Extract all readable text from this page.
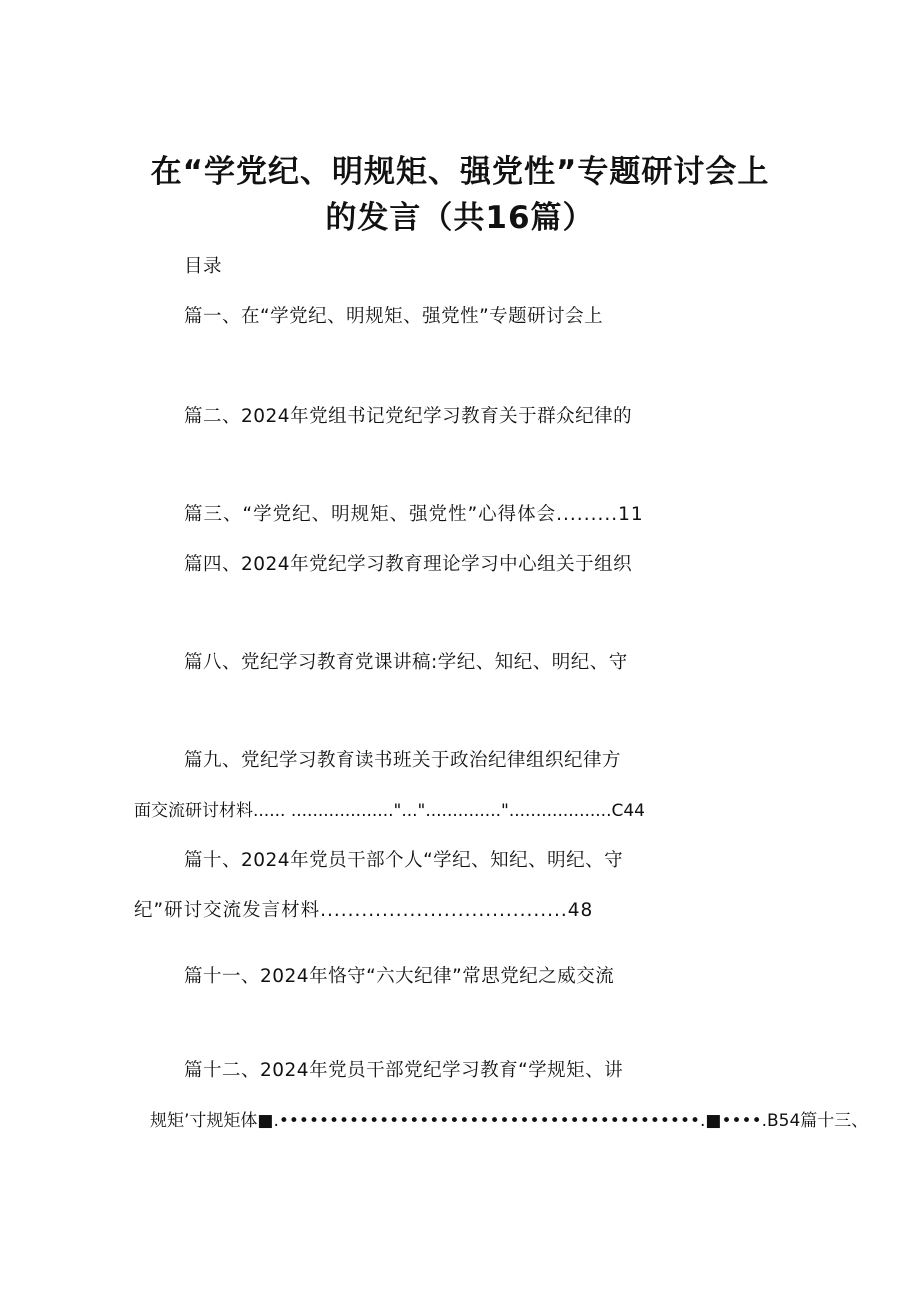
在“学党纪、明规矩、强党性”专题研讨会上
的发言（共16篇）
目录
篇一、在“学党纪、明规矩、强党性”专题研讨会上
篇二、2024年党组书记党纪学习教育关于群众纪律的
篇三、“学党纪、明规矩、强党性”心得体会.........11
篇四、2024年党纪学习教育理论学习中心组关于组织
篇八、党纪学习教育党课讲稿:学纪、知纪、明纪、守
篇九、党纪学习教育读书班关于政治纪律组织纪律方
面交流研讨材料...... ..................."...".............."...................C44
篇十、2024年党员干部个人“学纪、知纪、明纪、守
纪”研讨交流发言材料....................................48
篇十一、2024年恪守“六大纪律”常思党纪之威交流
篇十二、2024年党员干部党纪学习教育“学规矩、讲
规矩’寸规矩体■.••••••••••••••••••••••••••••••••••••••••••.■••••.B54篇十三、
